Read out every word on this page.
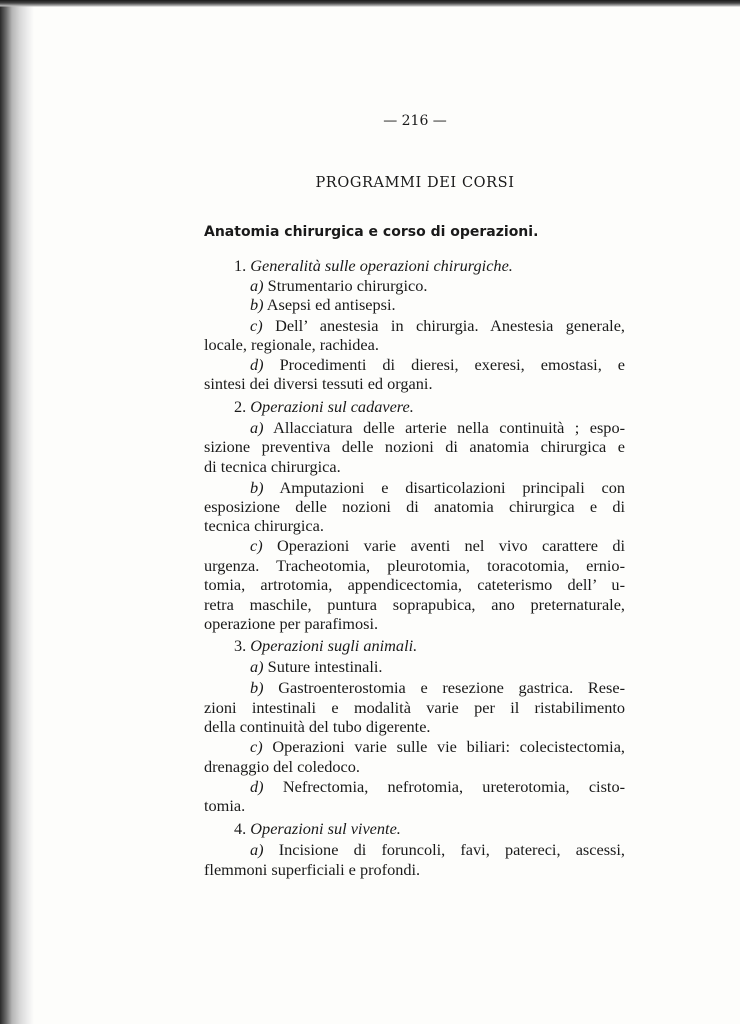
— 216 —
PROGRAMMI DEI CORSI
Anatomia chirurgica e corso di operazioni.
1. Generalità sulle operazioni chirurgiche.
a) Strumentario chirurgico.
b) Asepsi ed antisepsi.
c) Dell’ anestesia in chirurgia. Anestesia generale,
locale, regionale, rachidea.
d) Procedimenti di dieresi, exeresi, emostasi, e
sintesi dei diversi tessuti ed organi.
2. Operazioni sul cadavere.
a) Allacciatura delle arterie nella continuità ; espo-
sizione preventiva delle nozioni di anatomia chirurgica e
di tecnica chirurgica.
b) Amputazioni e disarticolazioni principali con
esposizione delle nozioni di anatomia chirurgica e di
tecnica chirurgica.
c) Operazioni varie aventi nel vivo carattere di
urgenza. Tracheotomia, pleurotomia, toracotomia, ernio-
tomia, artrotomia, appendicectomia, cateterismo dell’ u-
retra maschile, puntura soprapubica, ano preternaturale,
operazione per parafimosi.
3. Operazioni sugli animali.
a) Suture intestinali.
b) Gastroenterostomia e resezione gastrica. Rese-
zioni intestinali e modalità varie per il ristabilimento
della continuità del tubo digerente.
c) Operazioni varie sulle vie biliari: colecistectomia,
drenaggio del coledoco.
d) Nefrectomia, nefrotomia, ureterotomia, cisto-
tomia.
4. Operazioni sul vivente.
a) Incisione di foruncoli, favi, patereci, ascessi,
flemmoni superficiali e profondi.
